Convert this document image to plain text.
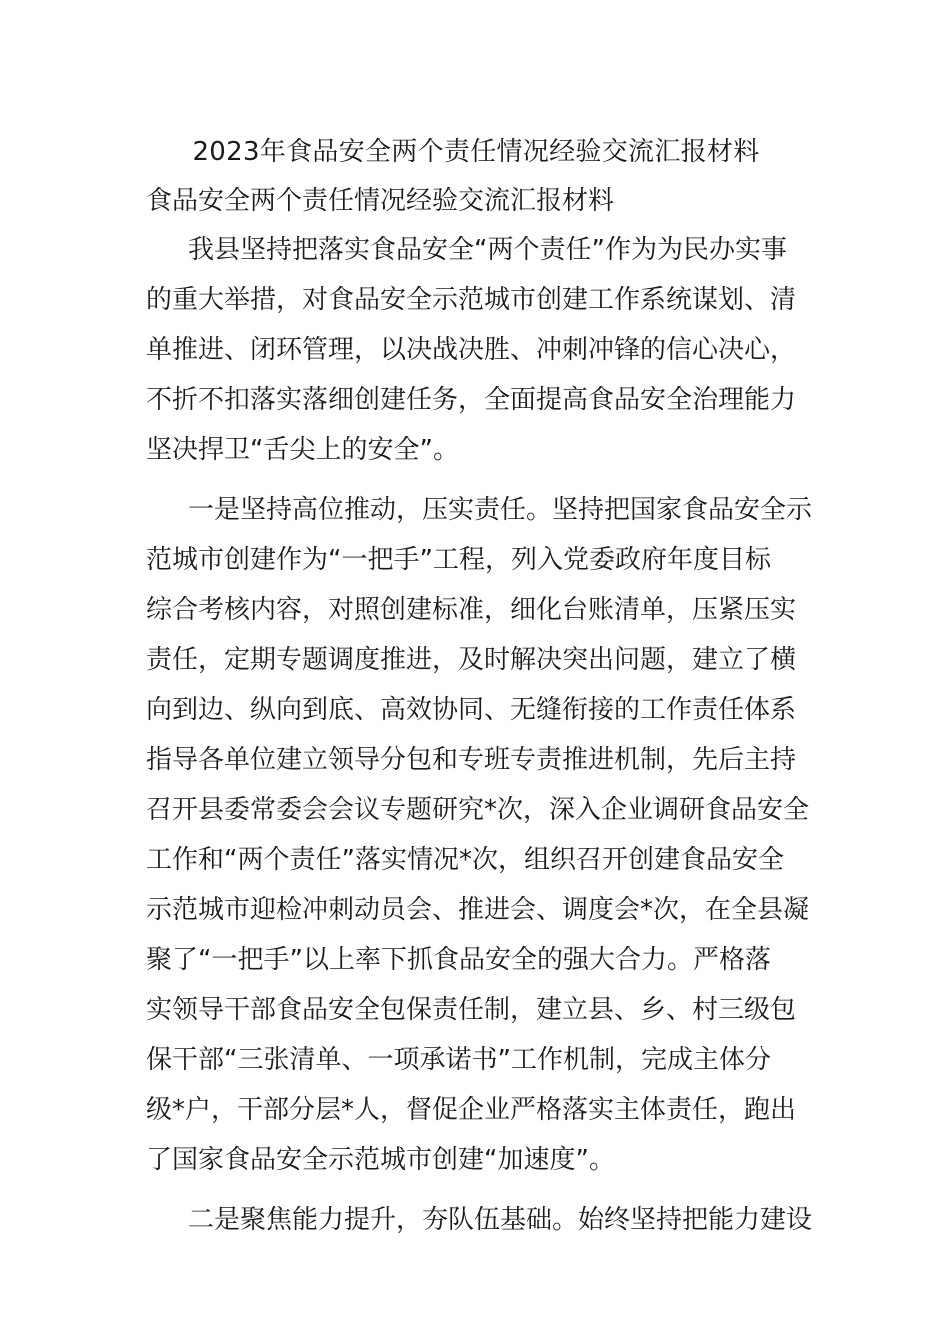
2023年食品安全两个责任情况经验交流汇报材料
食品安全两个责任情况经验交流汇报材料
我县坚持把落实食品安全“两个责任”作为为民办实事
的重大举措，对食品安全示范城市创建工作系统谋划、清
单推进、闭环管理，以决战决胜、冲刺冲锋的信心决心，
不折不扣落实落细创建任务，全面提高食品安全治理能力
坚决捍卫“舌尖上的安全”。
一是坚持高位推动，压实责任。坚持把国家食品安全示
范城市创建作为“一把手”工程，列入党委政府年度目标
综合考核内容，对照创建标准，细化台账清单，压紧压实
责任，定期专题调度推进，及时解决突出问题，建立了横
向到边、纵向到底、高效协同、无缝衔接的工作责任体系
指导各单位建立领导分包和专班专责推进机制，先后主持
召开县委常委会会议专题研究*次，深入企业调研食品安全
工作和“两个责任”落实情况*次，组织召开创建食品安全
示范城市迎检冲刺动员会、推进会、调度会*次，在全县凝
聚了“一把手”以上率下抓食品安全的强大合力。严格落
实领导干部食品安全包保责任制，建立县、乡、村三级包
保干部“三张清单、一项承诺书”工作机制，完成主体分
级*户，干部分层*人，督促企业严格落实主体责任，跑出
了国家食品安全示范城市创建“加速度”。
二是聚焦能力提升，夯队伍基础。始终坚持把能力建设
